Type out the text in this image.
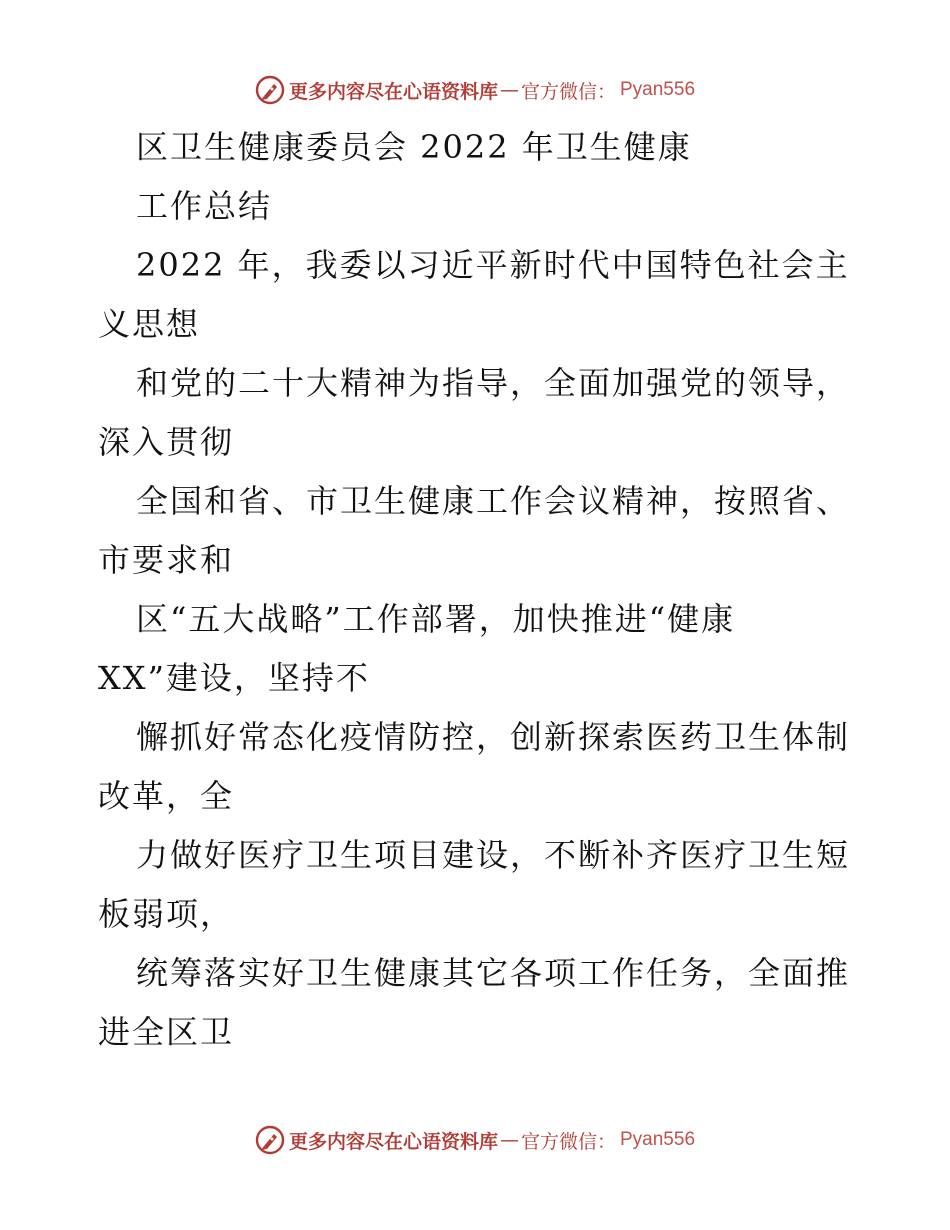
更多内容尽在心语资料库 — 官方微信： Pyan556
区卫生健康委员会 2022 年卫生健康
工作总结
2022 年，我委以习近平新时代中国特色社会主
义思想
和党的二十大精神为指导，全面加强党的领导，
深入贯彻
全国和省、市卫生健康工作会议精神，按照省、
市要求和
区“五大战略”工作部署，加快推进“健康
XX”建设，坚持不
懈抓好常态化疫情防控，创新探索医药卫生体制
改革，全
力做好医疗卫生项目建设，不断补齐医疗卫生短
板弱项，
统筹落实好卫生健康其它各项工作任务，全面推
进全区卫
更多内容尽在心语资料库 — 官方微信： Pyan556
